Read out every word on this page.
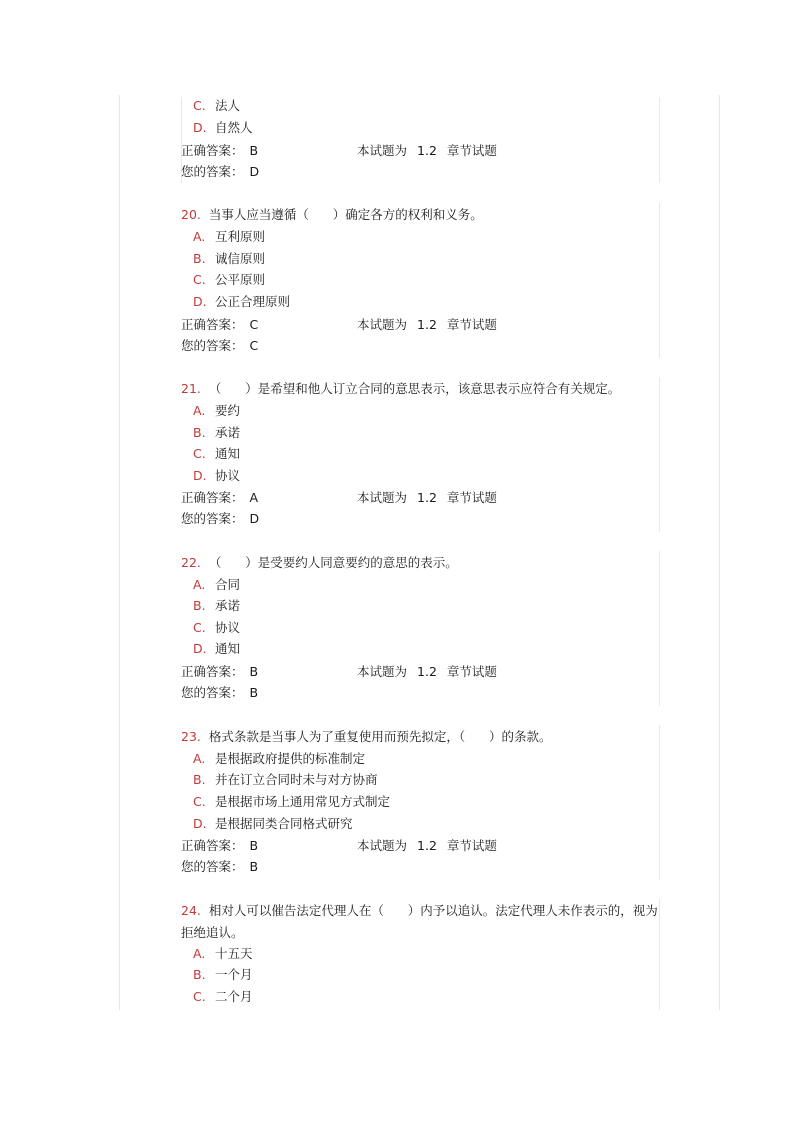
C. 法人
D. 自然人
正确答案： B	本试题为 1.2 章节试题
您的答案： D
20. 当事人应当遵循（      ）确定各方的权利和义务。
A. 互利原则
B. 诚信原则
C. 公平原则
D. 公正合理原则
正确答案： C	本试题为 1.2 章节试题
您的答案： C
21. （      ）是希望和他人订立合同的意思表示，该意思表示应符合有关规定。
A. 要约
B. 承诺
C. 通知
D. 协议
正确答案： A	本试题为 1.2 章节试题
您的答案： D
22. （      ）是受要约人同意要约的意思的表示。
A. 合同
B. 承诺
C. 协议
D. 通知
正确答案： B	本试题为 1.2 章节试题
您的答案： B
23. 格式条款是当事人为了重复使用而预先拟定，（      ）的条款。
A. 是根据政府提供的标准制定
B. 并在订立合同时未与对方协商
C. 是根据市场上通用常见方式制定
D. 是根据同类合同格式研究
正确答案： B	本试题为 1.2 章节试题
您的答案： B
24. 相对人可以催告法定代理人在（      ）内予以追认。法定代理人未作表示的，视为拒绝追认。
A. 十五天
B. 一个月
C. 二个月
